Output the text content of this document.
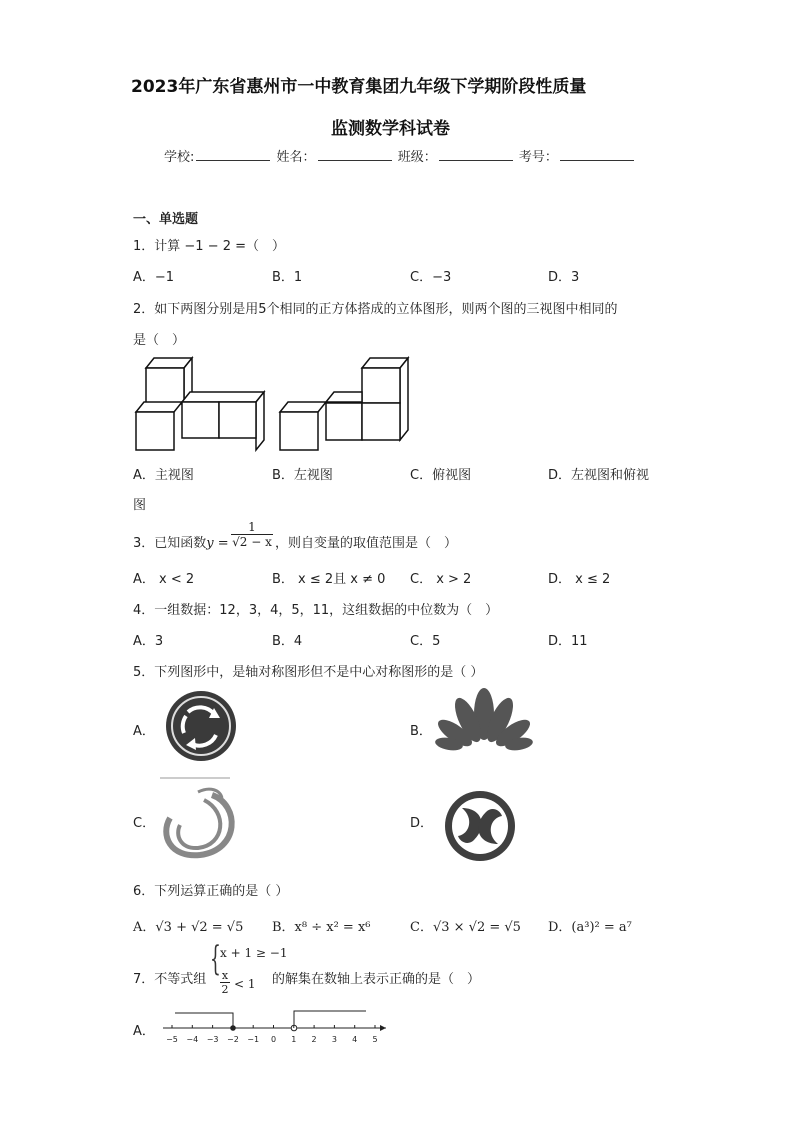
2023年广东省惠州市一中教育集团九年级下学期阶段性质量
监测数学科试卷
学校:	姓名：	班级：	考号：
一、单选题
1．计算 −1 − 2 =（　）
A．−1	B．1	C．−3	D．3
2．如下两图分别是用5个相同的正方体搭成的立体图形，则两个图的三视图中相同的
是（　）
A．主视图	B．左视图	C．俯视图	D．左视图和俯视
图
3．已知函数$y = \frac{1}{√2 - x}$ ，则自变量的取值范围是（　）
A． x < 2	B． x ≤ 2且 x ≠ 0 C． x > 2	D． x ≤ 2
4．一组数据：12，3，4，5，11，这组数据的中位数为（　）
A．3	B．4	C．5	D．11
5．下列图形中，是轴对称图形但不是中心对称图形的是（ ）
A．	B．
C．	D．
6．下列运算正确的是（ ）
A．√3 + √2 = √5 B．x⁸ ÷ x² = x⁶	C．√3 × √2 = √5 D．(a³)² = a⁷
7．不等式组
{ x + 1 ≥ −1
$\frac{x}{2} < 1$ 的解集在数轴上表示正确的是（　）
A．
−5 −4 −3 −2 −1 0 1 2 3 4 5
